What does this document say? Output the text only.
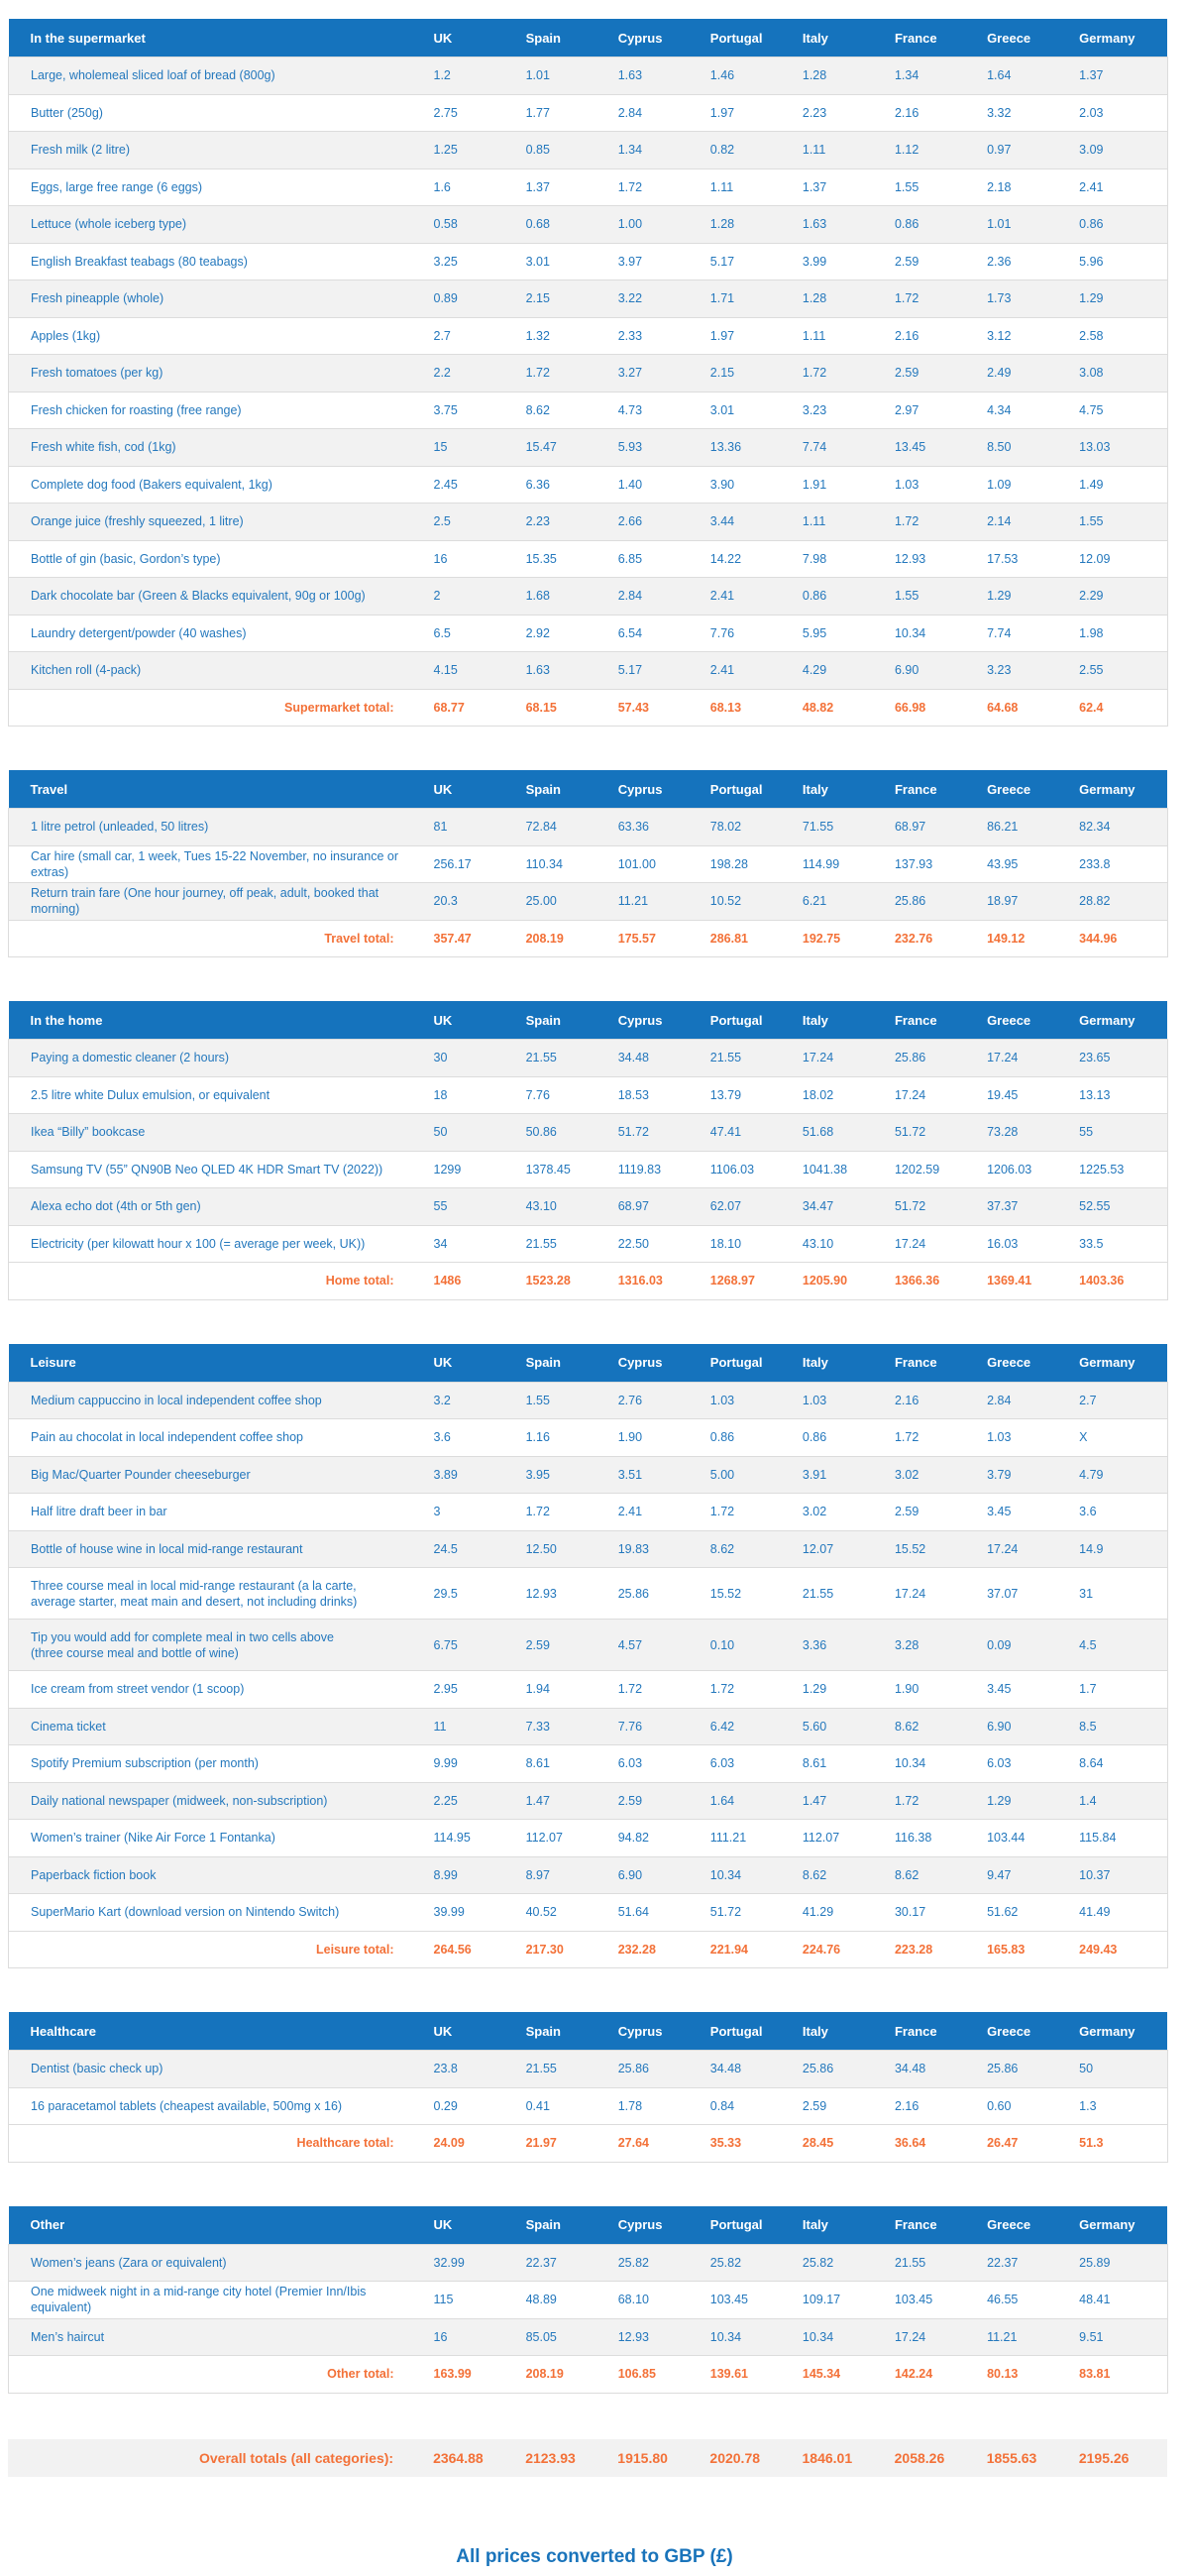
In the supermarket	UK	Spain	Cyprus	Portugal	Italy	France	Greece	Germany
Large, wholemeal sliced loaf of bread (800g)	1.2	1.01	1.63	1.46	1.28	1.34	1.64	1.37
Butter (250g)	2.75	1.77	2.84	1.97	2.23	2.16	3.32	2.03
Fresh milk (2 litre)	1.25	0.85	1.34	0.82	1.11	1.12	0.97	3.09
Eggs, large free range (6 eggs)	1.6	1.37	1.72	1.11	1.37	1.55	2.18	2.41
Lettuce (whole iceberg type)	0.58	0.68	1.00	1.28	1.63	0.86	1.01	0.86
English Breakfast teabags (80 teabags)	3.25	3.01	3.97	5.17	3.99	2.59	2.36	5.96
Fresh pineapple (whole)	0.89	2.15	3.22	1.71	1.28	1.72	1.73	1.29
Apples (1kg)	2.7	1.32	2.33	1.97	1.11	2.16	3.12	2.58
Fresh tomatoes (per kg)	2.2	1.72	3.27	2.15	1.72	2.59	2.49	3.08
Fresh chicken for roasting (free range)	3.75	8.62	4.73	3.01	3.23	2.97	4.34	4.75
Fresh white fish, cod (1kg)	15	15.47	5.93	13.36	7.74	13.45	8.50	13.03
Complete dog food (Bakers equivalent, 1kg)	2.45	6.36	1.40	3.90	1.91	1.03	1.09	1.49
Orange juice (freshly squeezed, 1 litre)	2.5	2.23	2.66	3.44	1.11	1.72	2.14	1.55
Bottle of gin (basic, Gordon’s type)	16	15.35	6.85	14.22	7.98	12.93	17.53	12.09
Dark chocolate bar (Green & Blacks equivalent, 90g or 100g)	2	1.68	2.84	2.41	0.86	1.55	1.29	2.29
Laundry detergent/powder (40 washes)	6.5	2.92	6.54	7.76	5.95	10.34	7.74	1.98
Kitchen roll (4-pack)	4.15	1.63	5.17	2.41	4.29	6.90	3.23	2.55
Supermarket total:	68.77	68.15	57.43	68.13	48.82	66.98	64.68	62.4
Travel	UK	Spain	Cyprus	Portugal	Italy	France	Greece	Germany
1 litre petrol (unleaded, 50 litres)	81	72.84	63.36	78.02	71.55	68.97	86.21	82.34
Car hire (small car, 1 week, Tues 15-22 November, no insurance or extras)	256.17	110.34	101.00	198.28	114.99	137.93	43.95	233.8
Return train fare (One hour journey, off peak, adult, booked that morning)	20.3	25.00	11.21	10.52	6.21	25.86	18.97	28.82
Travel total:	357.47	208.19	175.57	286.81	192.75	232.76	149.12	344.96
In the home	UK	Spain	Cyprus	Portugal	Italy	France	Greece	Germany
Paying a domestic cleaner (2 hours)	30	21.55	34.48	21.55	17.24	25.86	17.24	23.65
2.5 litre white Dulux emulsion, or equivalent	18	7.76	18.53	13.79	18.02	17.24	19.45	13.13
Ikea “Billy” bookcase	50	50.86	51.72	47.41	51.68	51.72	73.28	55
Samsung TV (55” QN90B Neo QLED 4K HDR Smart TV (2022))	1299	1378.45	1119.83	1106.03	1041.38	1202.59	1206.03	1225.53
Alexa echo dot (4th or 5th gen)	55	43.10	68.97	62.07	34.47	51.72	37.37	52.55
Electricity (per kilowatt hour x 100 (= average per week, UK))	34	21.55	22.50	18.10	43.10	17.24	16.03	33.5
Home total:	1486	1523.28	1316.03	1268.97	1205.90	1366.36	1369.41	1403.36
Leisure	UK	Spain	Cyprus	Portugal	Italy	France	Greece	Germany
Medium cappuccino in local independent coffee shop	3.2	1.55	2.76	1.03	1.03	2.16	2.84	2.7
Pain au chocolat in local independent coffee shop	3.6	1.16	1.90	0.86	0.86	1.72	1.03	X
Big Mac/Quarter Pounder cheeseburger	3.89	3.95	3.51	5.00	3.91	3.02	3.79	4.79
Half litre draft beer in bar	3	1.72	2.41	1.72	3.02	2.59	3.45	3.6
Bottle of house wine in local mid-range restaurant	24.5	12.50	19.83	8.62	12.07	15.52	17.24	14.9
Three course meal in local mid-range restaurant (a la carte,
average starter, meat main and desert, not including drinks)	29.5	12.93	25.86	15.52	21.55	17.24	37.07	31
Tip you would add for complete meal in two cells above
(three course meal and bottle of wine)	6.75	2.59	4.57	0.10	3.36	3.28	0.09	4.5
Ice cream from street vendor (1 scoop)	2.95	1.94	1.72	1.72	1.29	1.90	3.45	1.7
Cinema ticket	11	7.33	7.76	6.42	5.60	8.62	6.90	8.5
Spotify Premium subscription (per month)	9.99	8.61	6.03	6.03	8.61	10.34	6.03	8.64
Daily national newspaper (midweek, non-subscription)	2.25	1.47	2.59	1.64	1.47	1.72	1.29	1.4
Women’s trainer (Nike Air Force 1 Fontanka)	114.95	112.07	94.82	111.21	112.07	116.38	103.44	115.84
Paperback fiction book	8.99	8.97	6.90	10.34	8.62	8.62	9.47	10.37
SuperMario Kart (download version on Nintendo Switch)	39.99	40.52	51.64	51.72	41.29	30.17	51.62	41.49
Leisure total:	264.56	217.30	232.28	221.94	224.76	223.28	165.83	249.43
Healthcare	UK	Spain	Cyprus	Portugal	Italy	France	Greece	Germany
Dentist (basic check up)	23.8	21.55	25.86	34.48	25.86	34.48	25.86	50
16 paracetamol tablets (cheapest available, 500mg x 16)	0.29	0.41	1.78	0.84	2.59	2.16	0.60	1.3
Healthcare total:	24.09	21.97	27.64	35.33	28.45	36.64	26.47	51.3
Other	UK	Spain	Cyprus	Portugal	Italy	France	Greece	Germany
Women’s jeans (Zara or equivalent)	32.99	22.37	25.82	25.82	25.82	21.55	22.37	25.89
One midweek night in a mid-range city hotel (Premier Inn/Ibis equivalent)	115	48.89	68.10	103.45	109.17	103.45	46.55	48.41
Men’s haircut	16	85.05	12.93	10.34	10.34	17.24	11.21	9.51
Other total:	163.99	208.19	106.85	139.61	145.34	142.24	80.13	83.81
Overall totals (all categories):	2364.88	2123.93	1915.80	2020.78	1846.01	2058.26	1855.63	2195.26
All prices converted to GBP (£)
